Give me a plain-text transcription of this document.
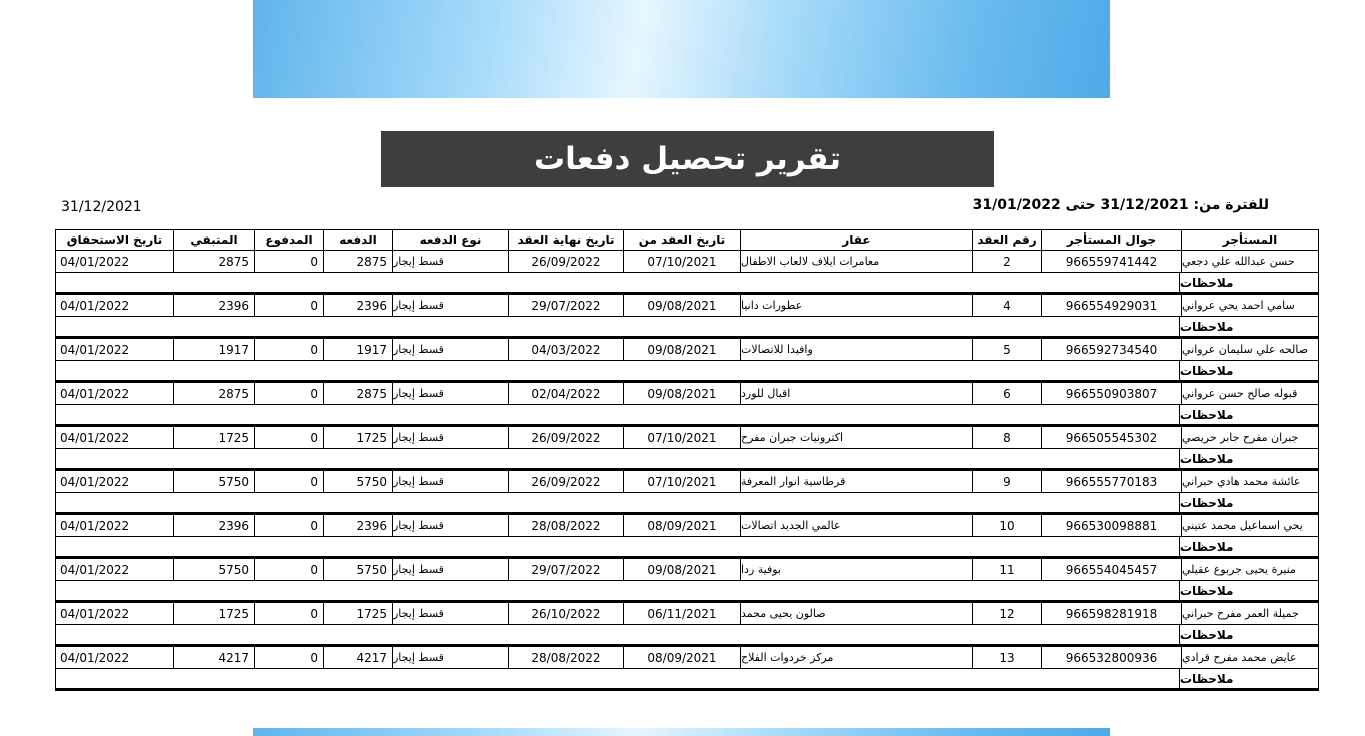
تقرير تحصيل دفعات
للفترة من: 31/12/2021 حتى 31/01/2022
31/12/2021
تاريخ الاستحقاق	المتبقي	المدفوع	الدفعه	نوع الدفعه	تاريخ نهاية العقد	تاريخ العقد من	عقار	رقم العقد	جوال المستأجر	المستأجر
04/01/2022	2875	0	2875 قسط إيجار	26/09/2022	07/10/2021	معامرات ايلاف لالعاب الاطفال	2	966559741442	حسن عبدالله علي دجعي
ملاحظات
04/01/2022	2396	0	2396 قسط إيجار	29/07/2022	09/08/2021	عطورات دانيا	4	966554929031	سامي احمد يحي عرواني
ملاحظات
04/01/2022	1917	0	1917 قسط إيجار	04/03/2022	09/08/2021	وافيدا للاتصالات	5	966592734540	صالحه علي سليمان عرواني
ملاحظات
04/01/2022	2875	0	2875 قسط إيجار	02/04/2022	09/08/2021	اقبال للورد	6	966550903807	قبوله صالح حسن عرواني
ملاحظات
04/01/2022	1725	0	1725 قسط إيجار	26/09/2022	07/10/2021	اكترونيات جبران مفرح	8	966505545302	جبران مفرح جابر حريصي
ملاحظات
04/01/2022	5750	0	5750 قسط إيجار	26/09/2022	07/10/2021	قرطاسية انوار المعرفة	9	966555770183	عائشة محمد هادي حبراني
ملاحظات
04/01/2022	2396	0	2396 قسط إيجار	28/08/2022	08/09/2021	عالمي الجديد اتصالات	10	966530098881	يحي اسماعيل محمد عتيني
ملاحظات
04/01/2022	5750	0	5750 قسط إيجار	29/07/2022	09/08/2021	بوفية ردا	11	966554045457	منيرة يحيى جربوع عقيلي
ملاحظات
04/01/2022	1725	0	1725 قسط إيجار	26/10/2022	06/11/2021	صالون يحيى محمد	12	966598281918	جميلة العمر مفرح حبراني
ملاحظات
04/01/2022	4217	0	4217 قسط إيجار	28/08/2022	08/09/2021	مركز خردوات الفلاح	13	966532800936	عايض محمد مفرح قرادي
ملاحظات
